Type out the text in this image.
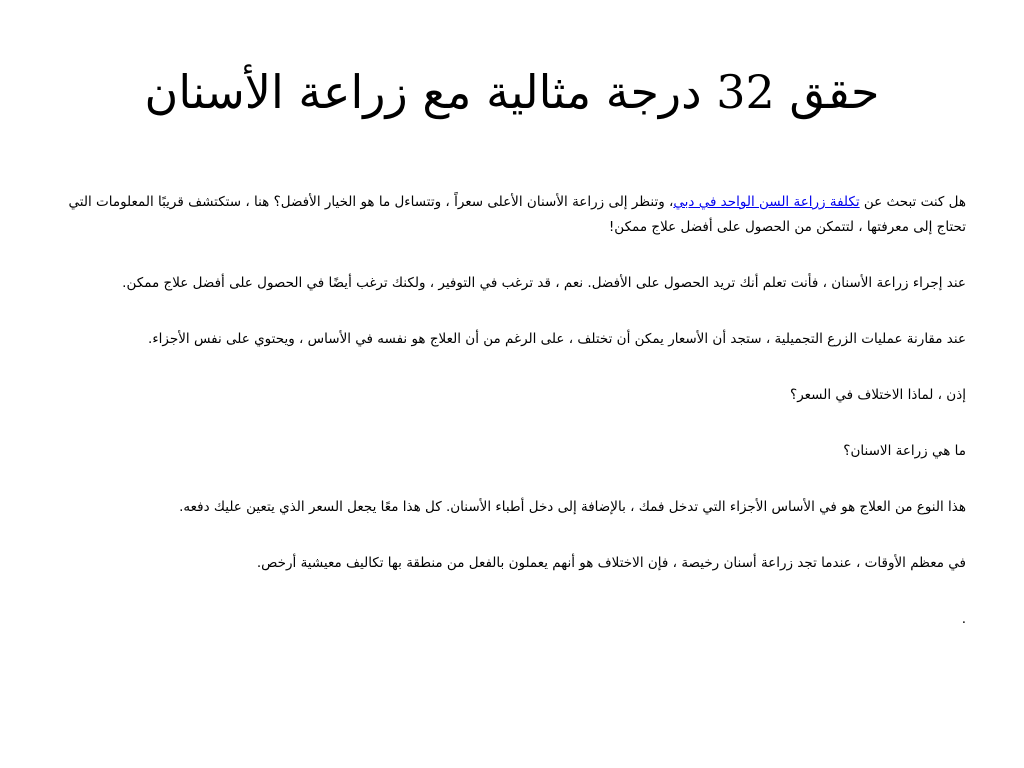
حقق 32 درجة مثالية مع زراعة الأسنان

هل كنت تبحث عن تكلفة زراعة السن الواحد في دبي، وتنظر إلى زراعة الأسنان الأعلى سعراً ، وتتساءل ما هو الخيار الأفضل؟ هنا ، ستكتشف قريبًا المعلومات التي تحتاج إلى معرفتها ، لتتمكن من الحصول على أفضل علاج ممكن!

عند إجراء زراعة الأسنان ، فأنت تعلم أنك تريد الحصول على الأفضل. نعم ، قد ترغب في التوفير ، ولكنك ترغب أيضًا في الحصول على أفضل علاج ممكن.

عند مقارنة عمليات الزرع التجميلية ، ستجد أن الأسعار يمكن أن تختلف ، على الرغم من أن العلاج هو نفسه في الأساس ، ويحتوي على نفس الأجزاء.

إذن ، لماذا الاختلاف في السعر؟

ما هي زراعة الاسنان؟

هذا النوع من العلاج هو في الأساس الأجزاء التي تدخل فمك ، بالإضافة إلى دخل أطباء الأسنان. كل هذا معًا يجعل السعر الذي يتعين عليك دفعه.

في معظم الأوقات ، عندما تجد زراعة أسنان رخيصة ، فإن الاختلاف هو أنهم يعملون بالفعل من منطقة بها تكاليف معيشية أرخص.

.
